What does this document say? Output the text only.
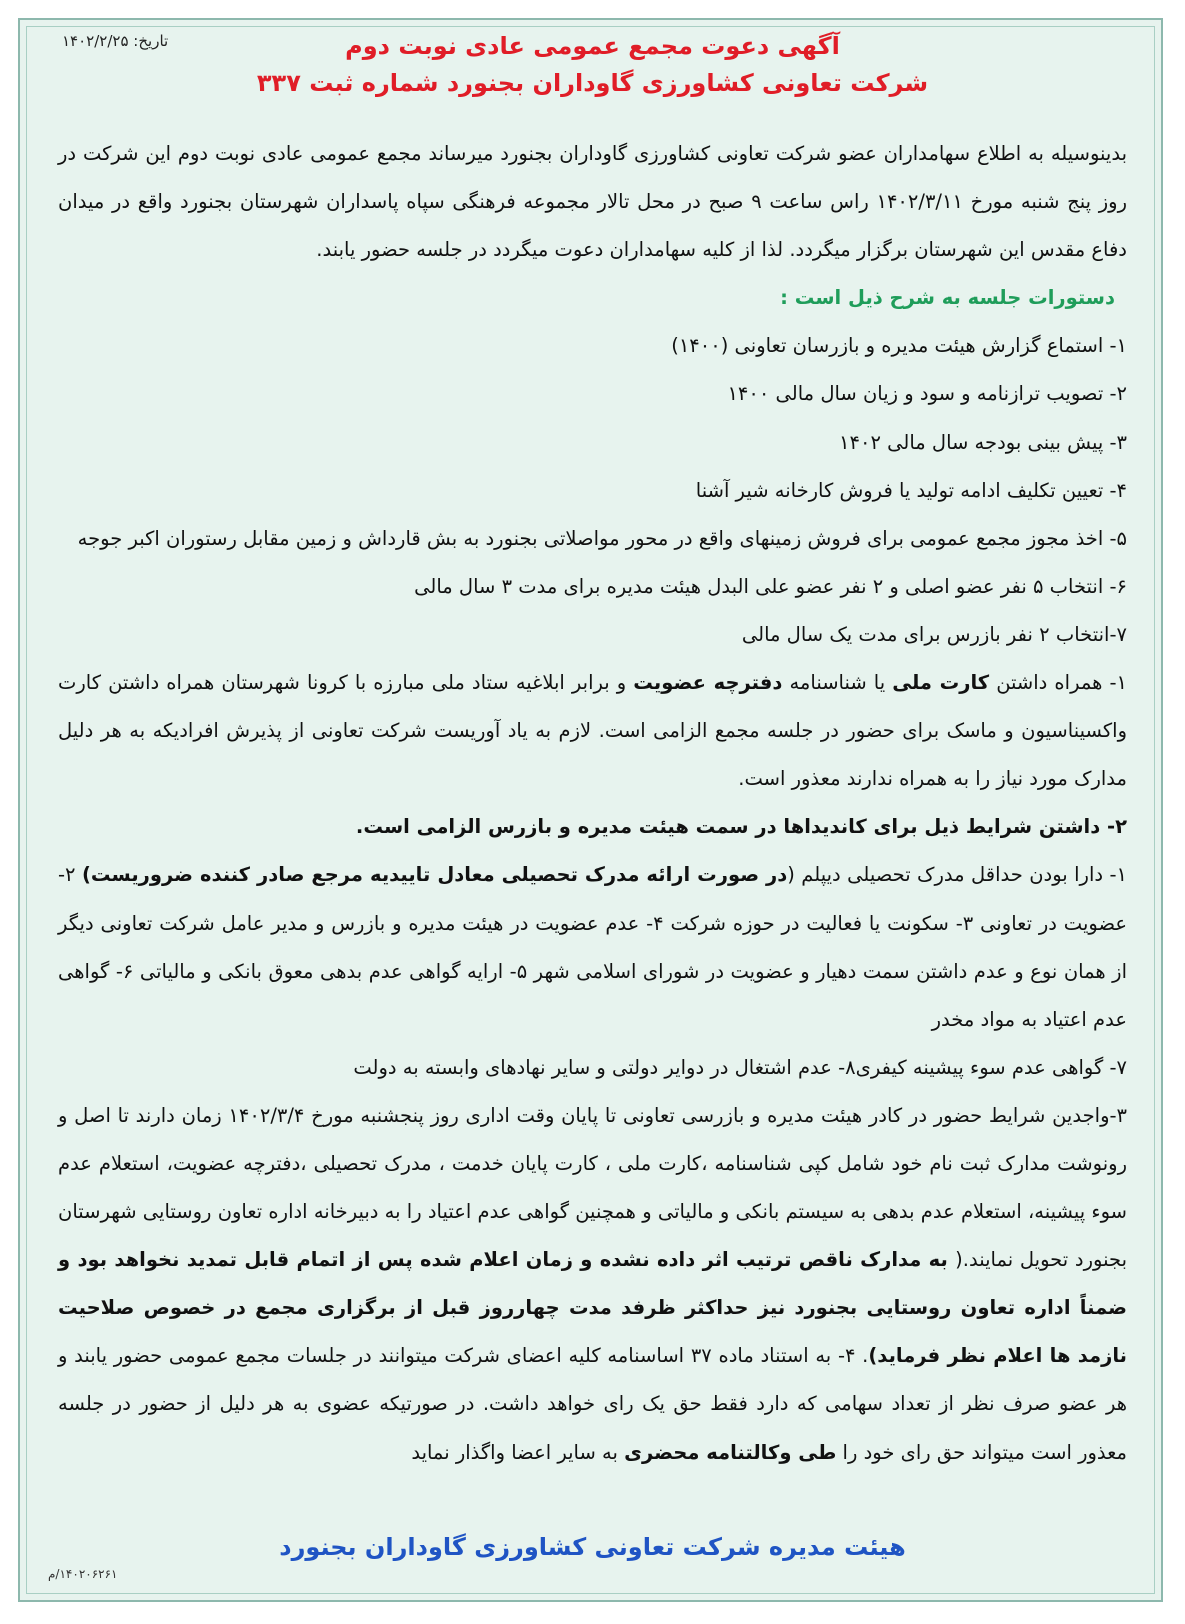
تاریخ: ۱۴۰۲/۲/۲۵	آگهی دعوت مجمع عمومی عادی نوبت دوم
شرکت تعاونی کشاورزی گاوداران بجنورد شماره ثبت ۳۳۷

بدینوسیله به اطلاع سهامداران عضو شرکت تعاونی کشاورزی گاوداران بجنورد میرساند مجمع عمومی عادی نوبت دوم این شرکت در روز پنج شنبه مورخ ۱۴۰۲/۳/۱۱ راس ساعت ۹ صبح در محل تالار مجموعه فرهنگی سپاه پاسداران شهرستان بجنورد واقع در میدان دفاع مقدس این شهرستان برگزار میگردد. لذا از کلیه سهامداران دعوت میگردد در جلسه حضور یابند.

دستورات جلسه به شرح ذیل است :

۱- استماع گزارش هیئت مدیره و بازرسان تعاونی (۱۴۰۰)

۲- تصویب ترازنامه و سود و زیان سال مالی ۱۴۰۰

۳- پیش بینی بودجه سال مالی ۱۴۰۲

۴- تعیین تکلیف ادامه تولید یا فروش کارخانه شیر آشنا

۵- اخذ مجوز مجمع عمومی برای فروش زمینهای واقع در محور مواصلاتی بجنورد به بش قارداش و زمین مقابل رستوران اکبر جوجه

۶- انتخاب ۵ نفر عضو اصلی و ۲ نفر عضو علی البدل هیئت مدیره برای مدت ۳ سال مالی

۷-انتخاب ۲ نفر بازرس برای مدت یک سال مالی

۱- همراه داشتن کارت ملی یا شناسنامه دفترچه عضویت و برابر ابلاغیه ستاد ملی مبارزه با کرونا شهرستان همراه داشتن کارت واکسیناسیون و ماسک برای حضور در جلسه مجمع الزامی است. لازم به یاد آوریست شرکت تعاونی از پذیرش افرادیکه به هر دلیل مدارک مورد نیاز را به همراه ندارند معذور است.

۲- داشتن شرایط ذیل برای کاندیداها در سمت هیئت مدیره و بازرس الزامی است.

۱- دارا بودن حداقل مدرک تحصیلی دیپلم (در صورت ارائه مدرک تحصیلی معادل تاییدیه مرجع صادر کننده ضروریست) ۲- عضویت در تعاونی ۳- سکونت یا فعالیت در حوزه شرکت ۴- عدم عضویت در هیئت مدیره و بازرس و مدیر عامل شرکت تعاونی دیگر از همان نوع و عدم داشتن سمت دهیار و عضویت در شورای اسلامی شهر ۵- ارایه گواهی عدم بدهی معوق بانکی و مالیاتی ۶- گواهی عدم اعتیاد به مواد مخدر

۷- گواهی عدم سوء پیشینه کیفری۸- عدم اشتغال در دوایر دولتی و سایر نهادهای وابسته به دولت

۳-واجدین شرایط حضور در کادر هیئت مدیره و بازرسی تعاونی تا پایان وقت اداری روز پنجشنبه مورخ ۱۴۰۲/۳/۴ زمان دارند تا اصل و رونوشت مدارک ثبت نام خود شامل کپی شناسنامه ،کارت ملی ، کارت پایان خدمت ، مدرک تحصیلی ،دفترچه عضویت، استعلام عدم سوء پیشینه، استعلام عدم بدهی به سیستم بانکی و مالیاتی و همچنین گواهی عدم اعتیاد را به دبیرخانه اداره تعاون روستایی شهرستان بجنورد تحویل نمایند.( به مدارک ناقص ترتیب اثر داده نشده و زمان اعلام شده پس از اتمام قابل تمدید نخواهد بود و ضمناً اداره تعاون روستایی بجنورد نیز حداکثر ظرفد مدت چهارروز قبل از برگزاری مجمع در خصوص صلاحیت نازمد ها اعلام نظر فرماید). ۴- به استناد ماده ۳۷ اساسنامه کلیه اعضای شرکت میتوانند در جلسات مجمع عمومی حضور یابند و هر عضو صرف نظر از تعداد سهامی که دارد فقط حق یک رای خواهد داشت. در صورتیکه عضوی به هر دلیل از حضور در جلسه معذور است میتواند حق رای خود را طی وکالتنامه محضری به سایر اعضا واگذار نماید

هیئت مدیره شرکت تعاونی کشاورزی گاوداران بجنورد
۱۴۰۲۰۶۲۶۱/م
